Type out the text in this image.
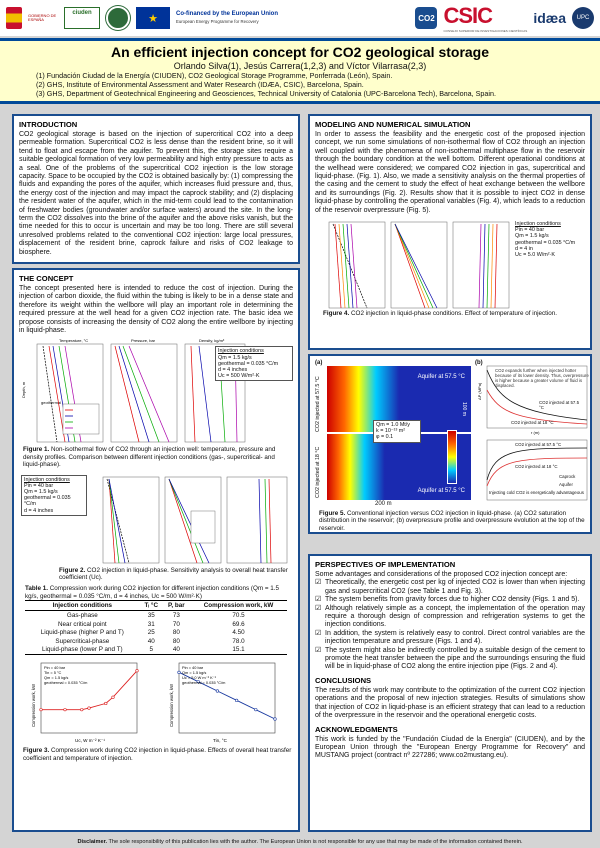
GOBIERNO DE ESPAÑA
ciuden	★	Co-financed by the European Union
European Energy Programme for Recovery	CO2 CSIC
CONSEJO SUPERIOR DE INVESTIGACIONES CIENTÍFICAS
idæa	UPC
An efficient injection concept for CO2 geological storage
Orlando Silva(1), Jesús Carrera(1,2,3) and Víctor Vilarrasa(2,3)
(1) Fundación Ciudad de la Energía (CIUDEN), CO2 Geological Storage Programme, Ponferrada (León), Spain.
(2) GHS, Institute of Environmental Assessment and Water Research (IDÆA, CSIC), Barcelona, Spain.
(3) GHS, Department of Geotechnical Engineering and Geosciences, Technical University of Catalonia (UPC-Barcelona Tech), Barcelona, Spain.
INTRODUCTION

CO2 geological storage is based on the injection of supercritical CO2 into a deep permeable formation. Supercritical CO2 is less dense than the resident brine, so it will tend to float and escape from the aquifer. To prevent this, the storage sites require a suitable geological formation of very low permeability and high entry pressure to acts as a seal. One of the problems of the supercritical CO2 injection is the low storage capacity. Space to be occupied by the CO2 is obtained basically by: (1) compressing the fluids and expanding the pores of the aquifer, which increases fluid pressure and, thus, the energy cost of the injection and may impact the caprock stability; and (2) displacing the resident water of the aquifer, which in the mid-term could lead to the contamination of freshwater bodies (groundwater and/or surface waters) around the site. In the long-term the CO2 dissolves into the brine of the aquifer and the above risks vanish, but the time needed for this to occur is uncertain and may be too long. There are still several unresolved problems related to the conventional CO2 injection: large local pressures, displacement of the resident brine, caprock failure and risks of CO2 leakage to biosphere.

THE CONCEPT

The concept presented here is intended to reduce the cost of injection. During the injection of carbon dioxide, the fluid within the tubing is likely to be in a dense state and therefore its weight within the wellbore will play an important role in determining the required pressure at the well head for a given CO2 injection rate. The basic idea we propose consists of increasing the density of CO2 along the entire wellbore by injecting in liquid-phase.

Temperature, °C	Pressure, bar	Density, kg/m³
Depth, m
geothermal
Injection conditions
Qm = 1.5 kg/s
geothermal = 0.035 °C/m
d = 4 inches
Uc = 500 W/m²·K
Figure 1. Non-isothermal flow of CO2 through an injection well: temperature, pressure and density profiles. Comparison between different injection conditions (gas-, supercritical- and liquid-phase).
Injection conditions
Pin = 40 bar
Qm = 1.5 kg/s
geothermal = 0.035 °C/m
d = 4 inches
Figure 2. CO2 injection in liquid-phase. Sensitivity analysis to overall heat transfer coefficient (Uc).
Table 1. Compression work during CO2 injection for different injection conditions (Qm = 1.5 kg/s, geothermal = 0.035 °C/m, d = 4 inches, Uc = 500 W/m²·K)
Injection conditions	Tᵢ °C	P, bar	Compression work, kW
Gas-phase	35	73	70.5
Near critical point	31	70	69.6
Liquid-phase (higher P and T)	25	80	4.50
Supercritical-phase	40	80	78.0
Liquid-phase (lower P and T)	5	40	15.1
Uc, W m⁻² K⁻¹
Compression work, kW
Pin = 40 bar
Tin = 5 °C
Qm = 1.5 kg/s
geothermal = 0.035 °C/m
Tin, °C
Compression work, kW
Pin = 40 bar
Qm = 1.5 kg/s
Uc = 5.0 W m⁻² K⁻¹
geothermal = 0.035 °C/m
Figure 3. Compression work during CO2 injection in liquid-phase. Effects of overall heat transfer coefficient and temperature of injection.
MODELING AND NUMERICAL SIMULATION

In order to assess the feasibility and the energetic cost of the proposed injection concept, we run some simulations of non-isothermal flow of CO2 through an injection well coupled with the phenomena of non-isothermal multiphase flow in the reservoir through the boundary condition at the well bottom. Different operational conditions at the wellhead were considered; we compared CO2 injection in gas, supercritical and liquid-phase. (Fig. 1). Also, we made a sensitivity analysis on the thermal properties of the casing and the cement to study the effect of heat exchange between the wellbore and its surroundings (Fig. 2). Results show that it is possible to inject CO2 in dense liquid-phase by controlling the operational variables (Fig. 4), which leads to a reduction of the reservoir overpressure (Fig. 5).

Injection conditions
Pin = 40 bar
Qm = 1.5 kg/s
geothermal = 0.035 °C/m
d = 4 in
Uc = 5.0 W/m²·K
Figure 4. CO2 injection in liquid-phase conditions. Effect of temperature of injection.
(a)
CO2 injected at 57.5 °C
CO2 injected at 18 °C
Aquifer at 57.5 °C
100 m
Aquifer at 57.5 °C
Qm = 1.0 Mt/y
k = 10⁻¹³ m²
φ = 0.1
200 m
(b)
ΔP (MPa)
r (m)
CO2 expands further when injected hotter because of its lower density. Thus, overpressure is higher because a greater volume of fluid is displaced.
CO2 injected at 57.5 °C
CO2 injected at 18 °C
CO2 injected at 57.5 °C
CO2 injected at 18 °C
Caprock
Aquifer
Injecting cold CO2 is energetically advantageous
Figure 5. Conventional injection versus CO2 injection in liquid-phase. (a) CO2 saturation distribution in the reservoir; (b) overpressure profile and overpressure evolution at the top of the reservoir.
PERSPECTIVES OF IMPLEMENTATION

Some advantages and considerations of the proposed CO2 injection concept are:

☑ Theoretically, the energetic cost per kg of injected CO2 is lower than when injecting gas and supercritical CO2 (see Table 1 and Fig. 3).
☑ The system benefits from gravity forces due to higher CO2 density (Figs. 1 and 5).
☑ Although relatively simple as a concept, the implementation of the operation may require a thorough design of compression and refrigeration systems to get the injection conditions.
☑ In addition, the system is relatively easy to control. Direct control variables are the injection temperature and pressure (Figs. 1 and 4).
☑ The system might also be indirectly controlled by a suitable design of the cement to promote the heat transfer between the pipe and the surroundings ensuring the fluid will be in liquid-phase of CO2 along the entire injection pipe (Figs. 2 and 4).
CONCLUSIONS

The results of this work may contribute to the optimization of the current CO2 injection operations and the proposal of new injection strategies. Results of simulations show that injection of CO2 in liquid-phase is an efficient strategy that can lead to a reduction of the overpressure in the reservoir and the operational energetic costs.

ACKNOWLEDGMENTS

This work is funded by the "Fundación Ciudad de la Energía" (CIUDEN), and by the European Union through the "European Energy Programme for Recovery" and MUSTANG project (contract nº 227286; www.co2mustang.eu).

Disclaimer. The sole responsibility of this publication lies with the author. The European Union is not responsible for any use that may be made of the information contained therein.
